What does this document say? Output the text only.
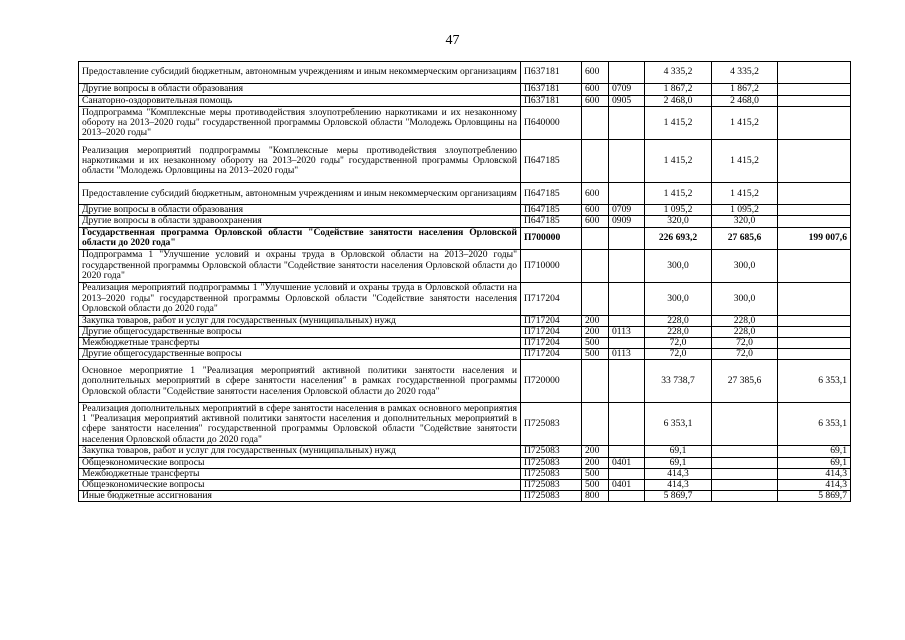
47
Предоставление субсидий бюджетным, автономным учреждениям и иным некоммерческим организациям	П637181	600		4 335,2	4 335,2	
Другие вопросы в области образования	П637181	600	0709	1 867,2	1 867,2	
Санаторно-оздоровительная помощь	П637181	600	0905	2 468,0	2 468,0	
Подпрограмма "Комплексные меры противодействия злоупотреблению наркотиками и их незаконному обороту на 2013–2020 годы" государственной программы Орловской области "Молодежь Орловщины на 2013–2020 годы"	П640000			1 415,2	1 415,2	
Реализация мероприятий подпрограммы "Комплексные меры противодействия злоупотреблению наркотиками и их незаконному обороту на 2013–2020 годы" государственной программы Орловской области "Молодежь Орловщины на 2013–2020 годы"	П647185			1 415,2	1 415,2	
Предоставление субсидий бюджетным, автономным учреждениям и иным некоммерческим организациям	П647185	600		1 415,2	1 415,2	
Другие вопросы в области образования	П647185	600	0709	1 095,2	1 095,2	
Другие вопросы в области здравоохранения	П647185	600	0909	320,0	320,0	
Государственная программа Орловской области "Содействие занятости населения Орловской области до 2020 года"	П700000			226 693,2	27 685,6	199 007,6
Подпрограмма 1 "Улучшение условий и охраны труда в Орловской области на 2013–2020 годы" государственной программы Орловской области "Содействие занятости населения Орловской области до 2020 года"	П710000			300,0	300,0	
Реализация мероприятий подпрограммы 1 "Улучшение условий и охраны труда в Орловской области на 2013–2020 годы" государственной программы Орловской области "Содействие занятости населения Орловской области до 2020 года"	П717204			300,0	300,0	
Закупка товаров, работ и услуг для государственных (муниципальных) нужд	П717204	200		228,0	228,0	
Другие общегосударственные вопросы	П717204	200	0113	228,0	228,0	
Межбюджетные трансферты	П717204	500		72,0	72,0	
Другие общегосударственные вопросы	П717204	500	0113	72,0	72,0	
Основное мероприятие 1 "Реализация мероприятий активной политики занятости населения и дополнительных мероприятий в сфере занятости населения" в рамках государственной программы Орловской области "Содействие занятости населения Орловской области до 2020 года"	П720000			33 738,7	27 385,6	6 353,1
Реализация дополнительных мероприятий в сфере занятости населения в рамках основного мероприятия 1 "Реализация мероприятий активной политики занятости населения и дополнительных мероприятий в сфере занятости населения" государственной программы Орловской области "Содействие занятости населения Орловской области до 2020 года"	П725083			6 353,1		6 353,1
Закупка товаров, работ и услуг для государственных (муниципальных) нужд	П725083	200		69,1		69,1
Общеэкономические вопросы	П725083	200	0401	69,1		69,1
Межбюджетные трансферты	П725083	500		414,3		414,3
Общеэкономические вопросы	П725083	500	0401	414,3		414,3
Иные бюджетные ассигнования	П725083	800		5 869,7		5 869,7
